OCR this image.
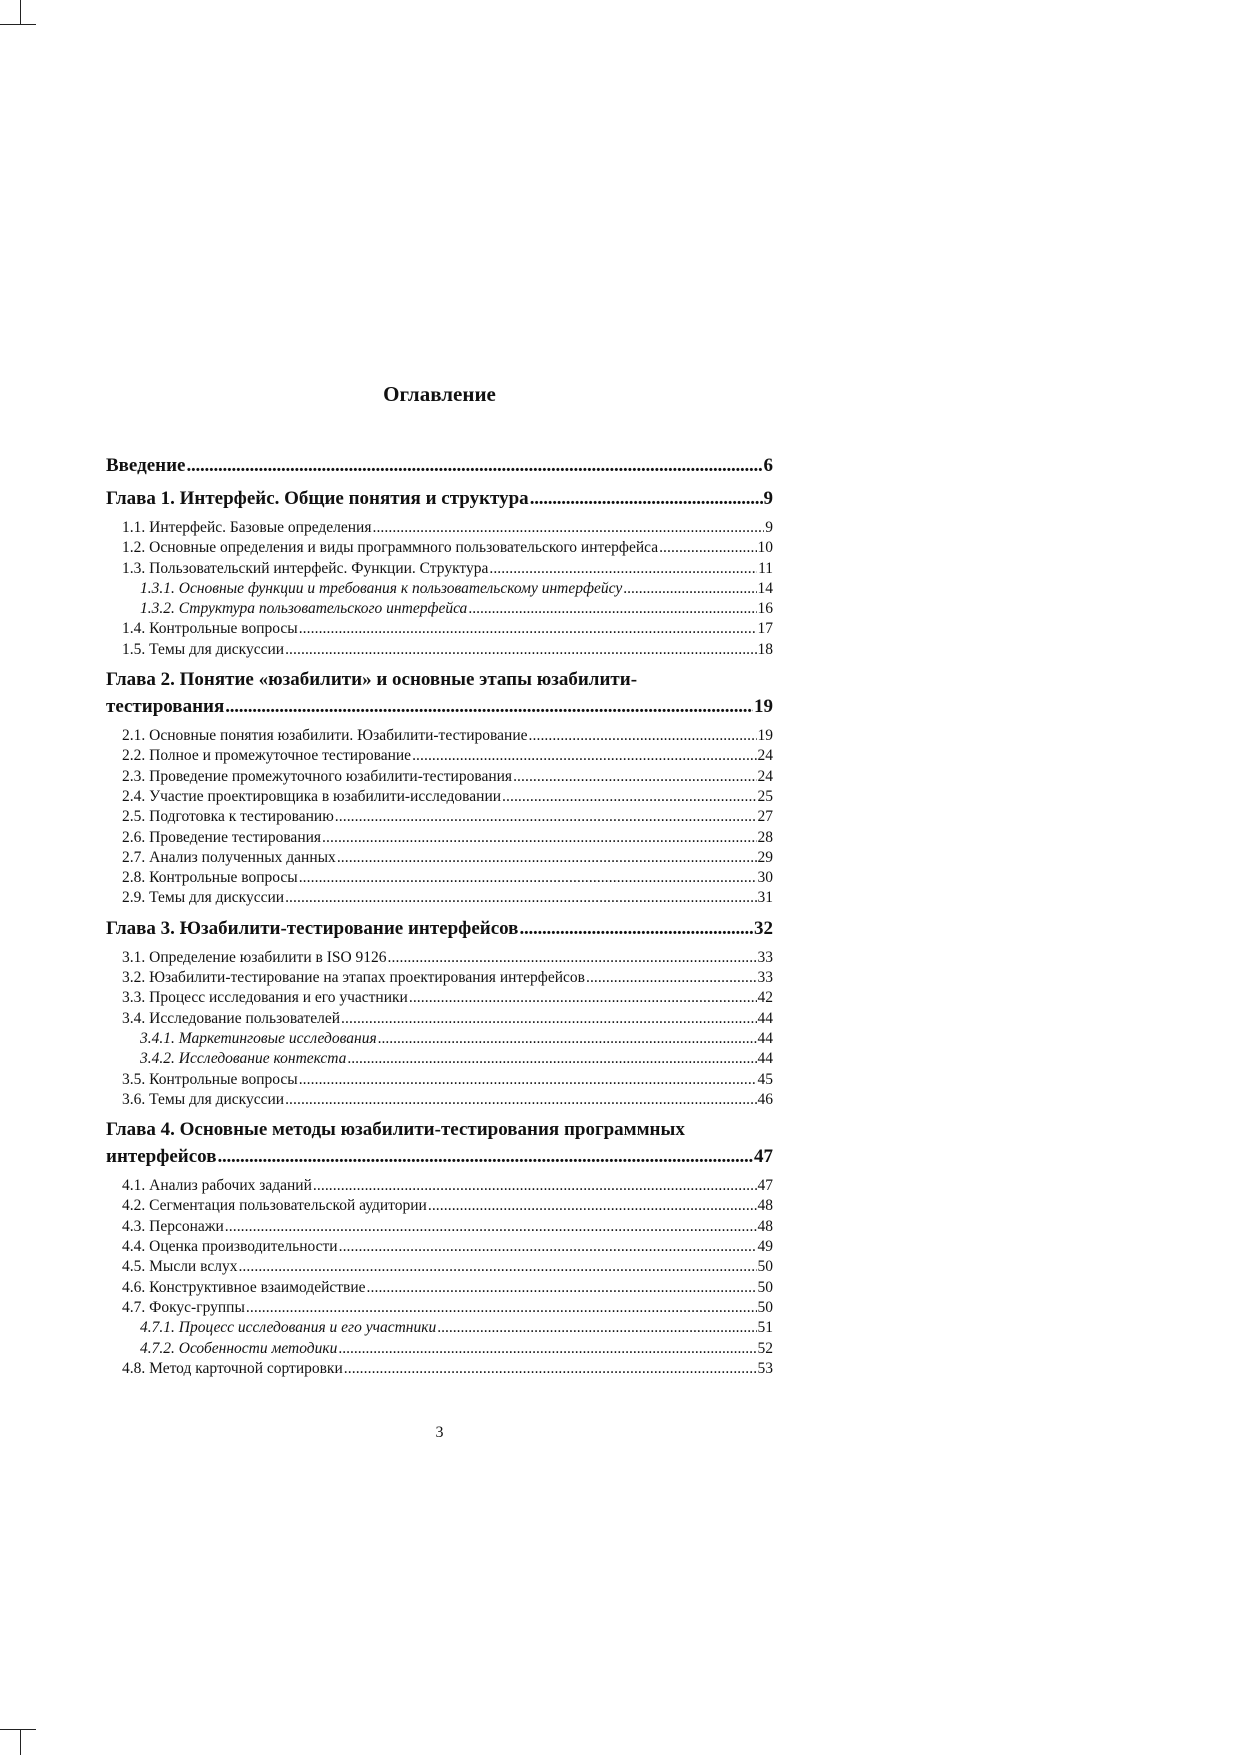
Оглавление
Введение .....	6
Глава 1. Интерфейс. Общие понятия и структура .....	9
1.1. Интерфейс. Базовые определения .....	9
1.2. Основные определения и виды программного пользовательского интерфейса .....	10
1.3. Пользовательский интерфейс. Функции. Структура .....	11
1.3.1. Основные функции и требования к пользовательскому интерфейсу .....	14
1.3.2. Структура пользовательского интерфейса .....	16
1.4. Контрольные вопросы .....	17
1.5. Темы для дискуссии .....	18
Глава 2. Понятие «юзабилити» и основные этапы юзабилити-
тестирования .....	19
2.1. Основные понятия юзабилити. Юзабилити-тестирование .....	19
2.2. Полное и промежуточное тестирование .....	24
2.3. Проведение промежуточного юзабилити-тестирования .....	24
2.4. Участие проектировщика в юзабилити-исследовании .....	25
2.5. Подготовка к тестированию .....	27
2.6. Проведение тестирования .....	28
2.7. Анализ полученных данных .....	29
2.8. Контрольные вопросы .....	30
2.9. Темы для дискуссии .....	31
Глава 3. Юзабилити-тестирование интерфейсов .....	32
3.1. Определение юзабилити в ISO 9126 .....	33
3.2. Юзабилити-тестирование на этапах проектирования интерфейсов .....	33
3.3. Процесс исследования и его участники .....	42
3.4. Исследование пользователей .....	44
3.4.1. Маркетинговые исследования .....	44
3.4.2. Исследование контекста .....	44
3.5. Контрольные вопросы .....	45
3.6. Темы для дискуссии .....	46
Глава 4. Основные методы юзабилити-тестирования программных
интерфейсов .....	47
4.1. Анализ рабочих заданий .....	47
4.2. Сегментация пользовательской аудитории .....	48
4.3. Персонажи .....	48
4.4. Оценка производительности .....	49
4.5. Мысли вслух .....	50
4.6. Конструктивное взаимодействие .....	50
4.7. Фокус-группы .....	50
4.7.1. Процесс исследования и его участники .....	51
4.7.2. Особенности методики .....	52
4.8. Метод карточной сортировки .....	53
3
